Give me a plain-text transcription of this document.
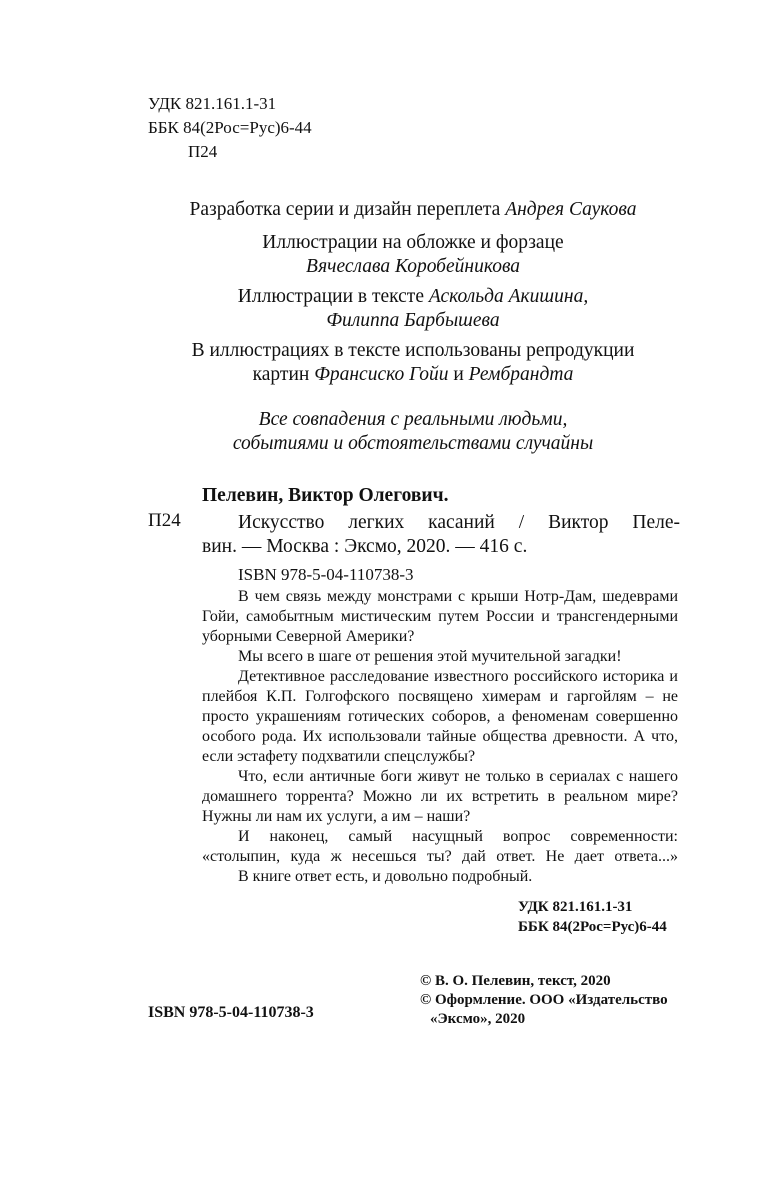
УДК 821.161.1-31
ББК 84(2Рос=Рус)6-44
П24
Разработка серии и дизайн переплета Андрея Саукова
Иллюстрации на обложке и форзаце
Вячеслава Коробейникова
Иллюстрации в тексте Аскольда Акишина,
Филиппа Барбышева
В иллюстрациях в тексте использованы репродукции
картин Франсиско Гойи и Рембрандта
Все совпадения с реальными людьми,
событиями и обстоятельствами случайны
П24
Пелевин, Виктор Олегович.
Искусство легких касаний / Виктор Пеле-
вин. — Москва : Эксмо, 2020. — 416 с.
ISBN 978-5-04-110738-3

В чем связь между монстрами с крыши Нотр-Дам, шедеврами Гойи, самобытным мистическим путем России и трансгендерными уборными Северной Америки?

Мы всего в шаге от решения этой мучительной загадки!

Детективное расследование известного российского историка и плейбоя К.П. Голгофского посвящено химерам и гаргойлям – не просто украшениям готических соборов, а феноменам совершенно особого рода. Их использовали тайные общества древности. А что, если эстафету подхватили спецслужбы?

Что, если античные боги живут не только в сериалах с нашего домашнего торрента? Можно ли их встретить в реальном мире? Нужны ли нам их услуги, а им – наши?

И наконец, самый насущный вопрос современности: «столыпин, куда ж несешься ты? дай ответ. Не дает ответа...»

В книге ответ есть, и довольно подробный.

УДК 821.161.1-31
ББК 84(2Рос=Рус)6-44
© В. О. Пелевин, текст, 2020
© Оформление. ООО «Издательство
«Эксмо», 2020
ISBN 978-5-04-110738-3
